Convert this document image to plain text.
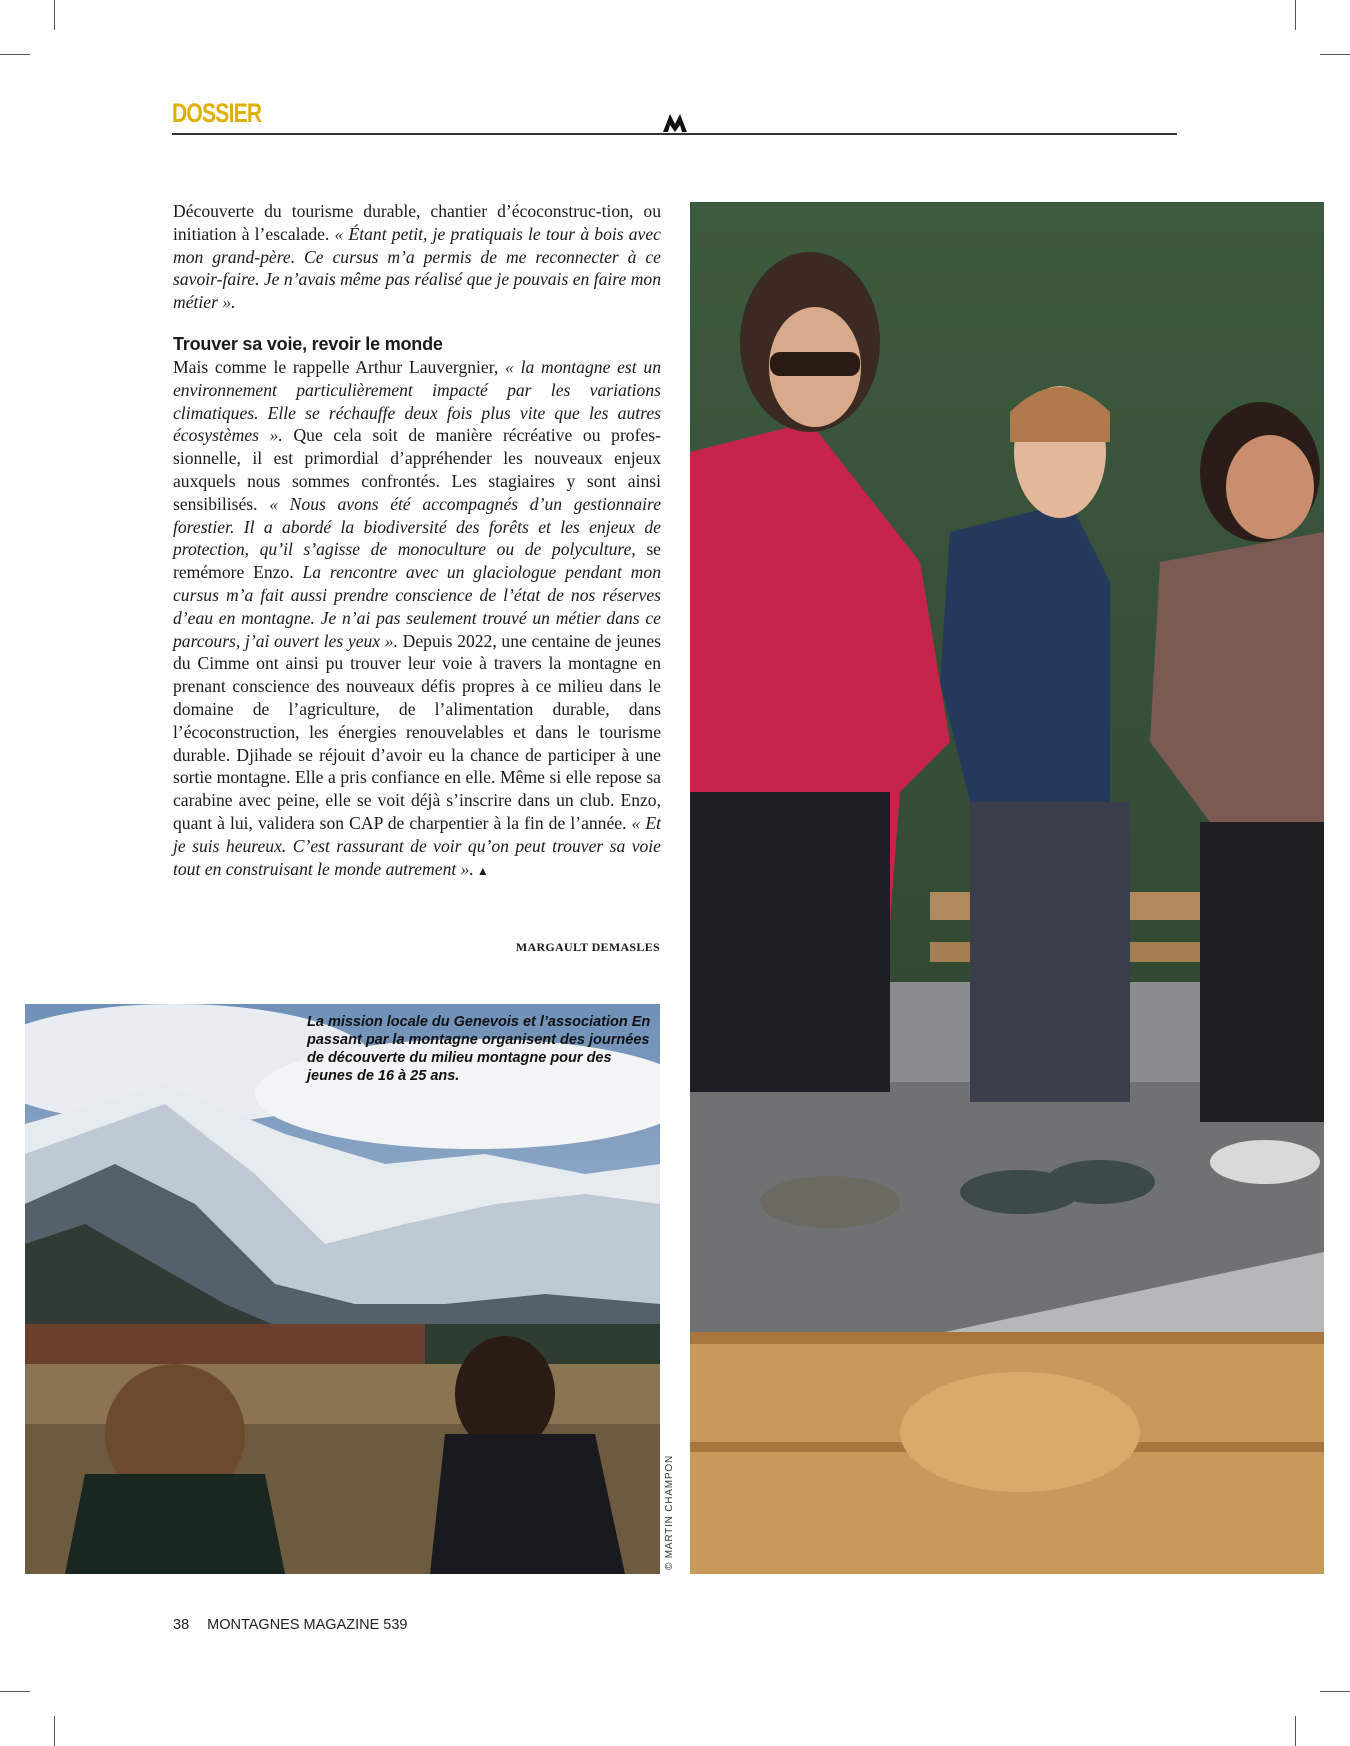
DOSSIER

Découverte du tourisme durable, chantier d’écoconstruc-tion, ou initiation à l’escalade. « Étant petit, je pratiquais le tour à bois avec mon grand-père. Ce cursus m’a permis de me reconnecter à ce savoir-faire. Je n’avais même pas réalisé que je pouvais en faire mon métier ».

Trouver sa voie, revoir le monde

Mais comme le rappelle Arthur Lauvergnier, « la montagne est un environnement particulièrement impacté par les variations climatiques. Elle se réchauffe deux fois plus vite que les autres écosystèmes ». Que cela soit de manière récréative ou profes-sionnelle, il est primordial d’appréhender les nouveaux enjeux auxquels nous sommes confrontés. Les stagiaires y sont ainsi sensibilisés. « Nous avons été accompagnés d’un gestionnaire forestier. Il a abordé la biodiversité des forêts et les enjeux de protection, qu’il s’agisse de monoculture ou de polyculture, se remémore Enzo. La rencontre avec un glaciologue pendant mon cursus m’a fait aussi prendre conscience de l’état de nos réserves d’eau en montagne. Je n’ai pas seulement trouvé un métier dans ce parcours, j’ai ouvert les yeux ». Depuis 2022, une centaine de jeunes du Cimme ont ainsi pu trouver leur voie à travers la montagne en prenant conscience des nouveaux défis propres à ce milieu dans le domaine de l’agriculture, de l’alimentation durable, dans l’écoconstruction, les énergies renouvelables et dans le tourisme durable. Djihade se réjouit d’avoir eu la chance de participer à une sortie montagne. Elle a pris confiance en elle. Même si elle repose sa carabine avec peine, elle se voit déjà s’inscrire dans un club. Enzo, quant à lui, validera son CAP de charpentier à la fin de l’année. « Et je suis heureux. C’est rassurant de voir qu’on peut trouver sa voie tout en construisant le monde autrement ». ▲

MARGAULT DEMASLES
La mission locale du Genevois et l’association En passant par la montagne organisent des journées de découverte du milieu montagne pour des jeunes de 16 à 25 ans.
© MARTIN CHAMPON
38 MONTAGNES MAGAZINE 539
